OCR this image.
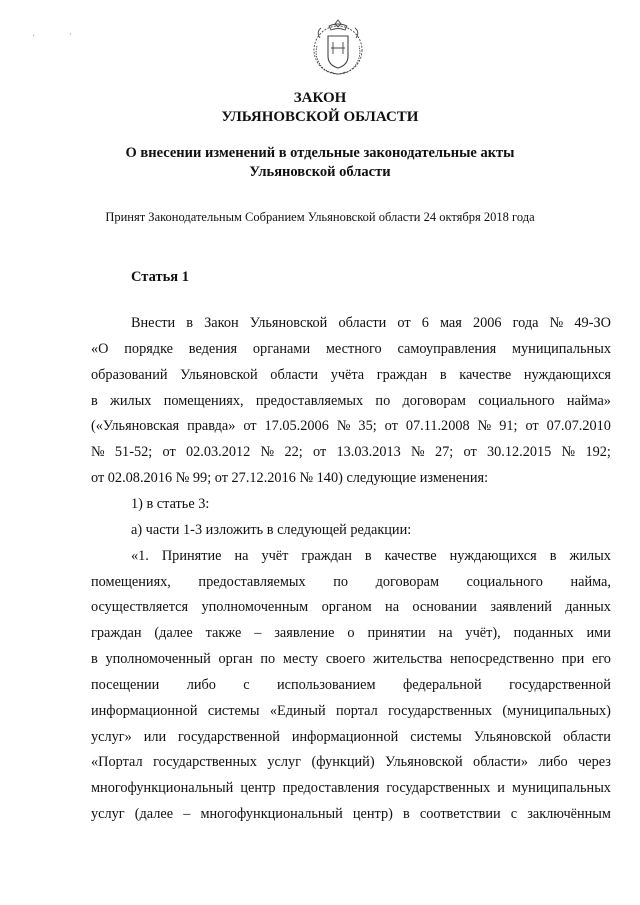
'	·
ЗАКОН
УЛЬЯНОВСКОЙ ОБЛАСТИ
О внесении изменений в отдельные законодательные акты
Ульяновской области
Принят Законодательным Собранием Ульяновской области 24 октября 2018 года
Статья 1
Внести в Закон Ульяновской области от 6 мая 2006 года № 49-ЗО
«О порядке ведения органами местного самоуправления муниципальных
образований Ульяновской области учёта граждан в качестве нуждающихся
в жилых помещениях, предоставляемых по договорам социального найма»
(«Ульяновская правда» от 17.05.2006 № 35; от 07.11.2008 № 91; от 07.07.2010
№ 51-52; от 02.03.2012 № 22; от 13.03.2013 № 27; от 30.12.2015 № 192;
от 02.08.2016 № 99; от 27.12.2016 № 140) следующие изменения:
1) в статье 3:
а) части 1-3 изложить в следующей редакции:
«1. Принятие на учёт граждан в качестве нуждающихся в жилых
помещениях, предоставляемых по договорам социального найма,
осуществляется уполномоченным органом на основании заявлений данных
граждан (далее также – заявление о принятии на учёт), поданных ими
в уполномоченный орган по месту своего жительства непосредственно при его
посещении либо с использованием федеральной государственной
информационной системы «Единый портал государственных (муниципальных)
услуг» или государственной информационной системы Ульяновской области
«Портал государственных услуг (функций) Ульяновской области» либо через
многофункциональный центр предоставления государственных и муниципальных
услуг (далее – многофункциональный центр) в соответствии с заключённым
